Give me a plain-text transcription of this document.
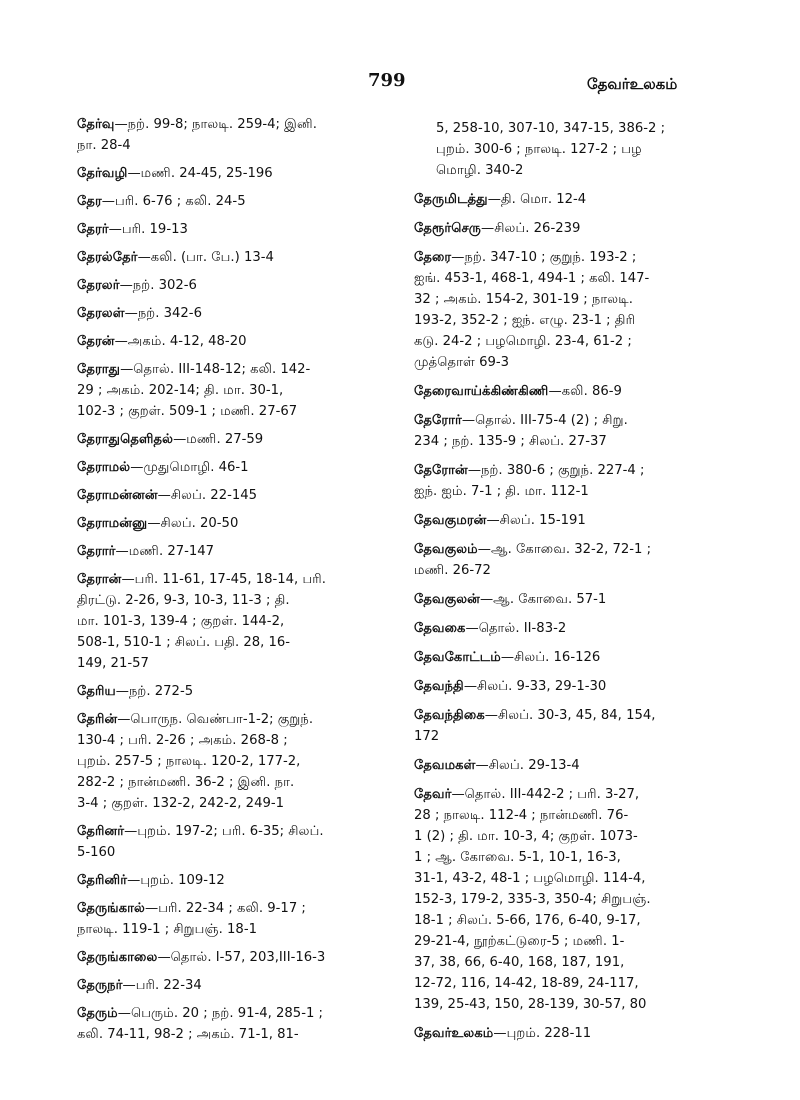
799	தேவர்உலகம்

தேர்வு—நற். 99-8; நாலடி. 259-4; இனி.

நா. 28-4

தேர்வழி—மணி. 24-45, 25-196

தேர—பரி. 6-76 ; கலி. 24-5

தேரர்—பரி. 19-13

தேரல்தேர்—கலி. (பா. பே.) 13-4

தேரலர்—நற். 302-6

தேரலள்—நற். 342-6

தேரன்—அகம். 4-12, 48-20

தேராது—தொல். III-148-12; கலி. 142-

29 ; அகம். 202-14; தி. மா. 30-1,

102-3 ; குறள். 509-1 ; மணி. 27-67

தேராதுதெளிதல்—மணி. 27-59

தேராமல்—முதுமொழி. 46-1

தேராமன்னன்—சிலப். 22-145

தேராமன்னு—சிலப். 20-50

தேரார்—மணி. 27-147

தேரான்—பரி. 11-61, 17-45, 18-14, பரி.

திரட்டு. 2-26, 9-3, 10-3, 11-3 ; தி.

மா. 101-3, 139-4 ; குறள். 144-2,

508-1, 510-1 ; சிலப். பதி. 28, 16-

149, 21-57

தேரிய—நற். 272-5

தேரின்—பொருந. வெண்பா-1-2; குறுந்.

130-4 ; பரி. 2-26 ; அகம். 268-8 ;

புறம். 257-5 ; நாலடி. 120-2, 177-2,

282-2 ; நான்மணி. 36-2 ; இனி. நா.

3-4 ; குறள். 132-2, 242-2, 249-1

தேரினர்—புறம். 197-2; பரி. 6-35; சிலப்.

5-160

தேரினிர்—புறம். 109-12

தேருங்கால்—பரி. 22-34 ; கலி. 9-17 ;

நாலடி. 119-1 ; சிறுபஞ். 18-1

தேருங்காலை—தொல். I-57, 203,III-16-3

தேருநர்—பரி. 22-34

தேரும்—பெரும். 20 ; நற். 91-4, 285-1 ;

கலி. 74-11, 98-2 ; அகம். 71-1, 81-

5, 258-10, 307-10, 347-15, 386-2 ;

புறம். 300-6 ; நாலடி. 127-2 ; பழ

மொழி. 340-2

தேருமிடத்து—தி. மொ. 12-4

தேரூர்செரு—சிலப். 26-239

தேரை—நற். 347-10 ; குறுந். 193-2 ;

ஐங். 453-1, 468-1, 494-1 ; கலி. 147-

32 ; அகம். 154-2, 301-19 ; நாலடி.

193-2, 352-2 ; ஐந். எழு. 23-1 ; திரி

கடு. 24-2 ; பழமொழி. 23-4, 61-2 ;

முத்தொள் 69-3

தேரைவாய்க்கிண்கிணி—கலி. 86-9

தேரோர்—தொல். III-75-4 (2) ; சிறு.

234 ; நற். 135-9 ; சிலப். 27-37

தேரோன்—நற். 380-6 ; குறுந். 227-4 ;

ஐந். ஐம். 7-1 ; தி. மா. 112-1

தேவகுமரன்—சிலப். 15-191

தேவகுலம்—ஆ. கோவை. 32-2, 72-1 ;

மணி. 26-72

தேவகுலன்—ஆ. கோவை. 57-1

தேவகை—தொல். II-83-2

தேவகோட்டம்—சிலப். 16-126

தேவந்தி—சிலப். 9-33, 29-1-30

தேவந்திகை—சிலப். 30-3, 45, 84, 154,

172

தேவமகள்—சிலப். 29-13-4

தேவர்—தொல். III-442-2 ; பரி. 3-27,

28 ; நாலடி. 112-4 ; நான்மணி. 76-

1 (2) ; தி. மா. 10-3, 4; குறள். 1073-

1 ; ஆ. கோவை. 5-1, 10-1, 16-3,

31-1, 43-2, 48-1 ; பழமொழி. 114-4,

152-3, 179-2, 335-3, 350-4; சிறுபஞ்.

18-1 ; சிலப். 5-66, 176, 6-40, 9-17,

29-21-4, நூற்கட்டுரை-5 ; மணி. 1-

37, 38, 66, 6-40, 168, 187, 191,

12-72, 116, 14-42, 18-89, 24-117,

139, 25-43, 150, 28-139, 30-57, 80

தேவர்உலகம்—புறம். 228-11
